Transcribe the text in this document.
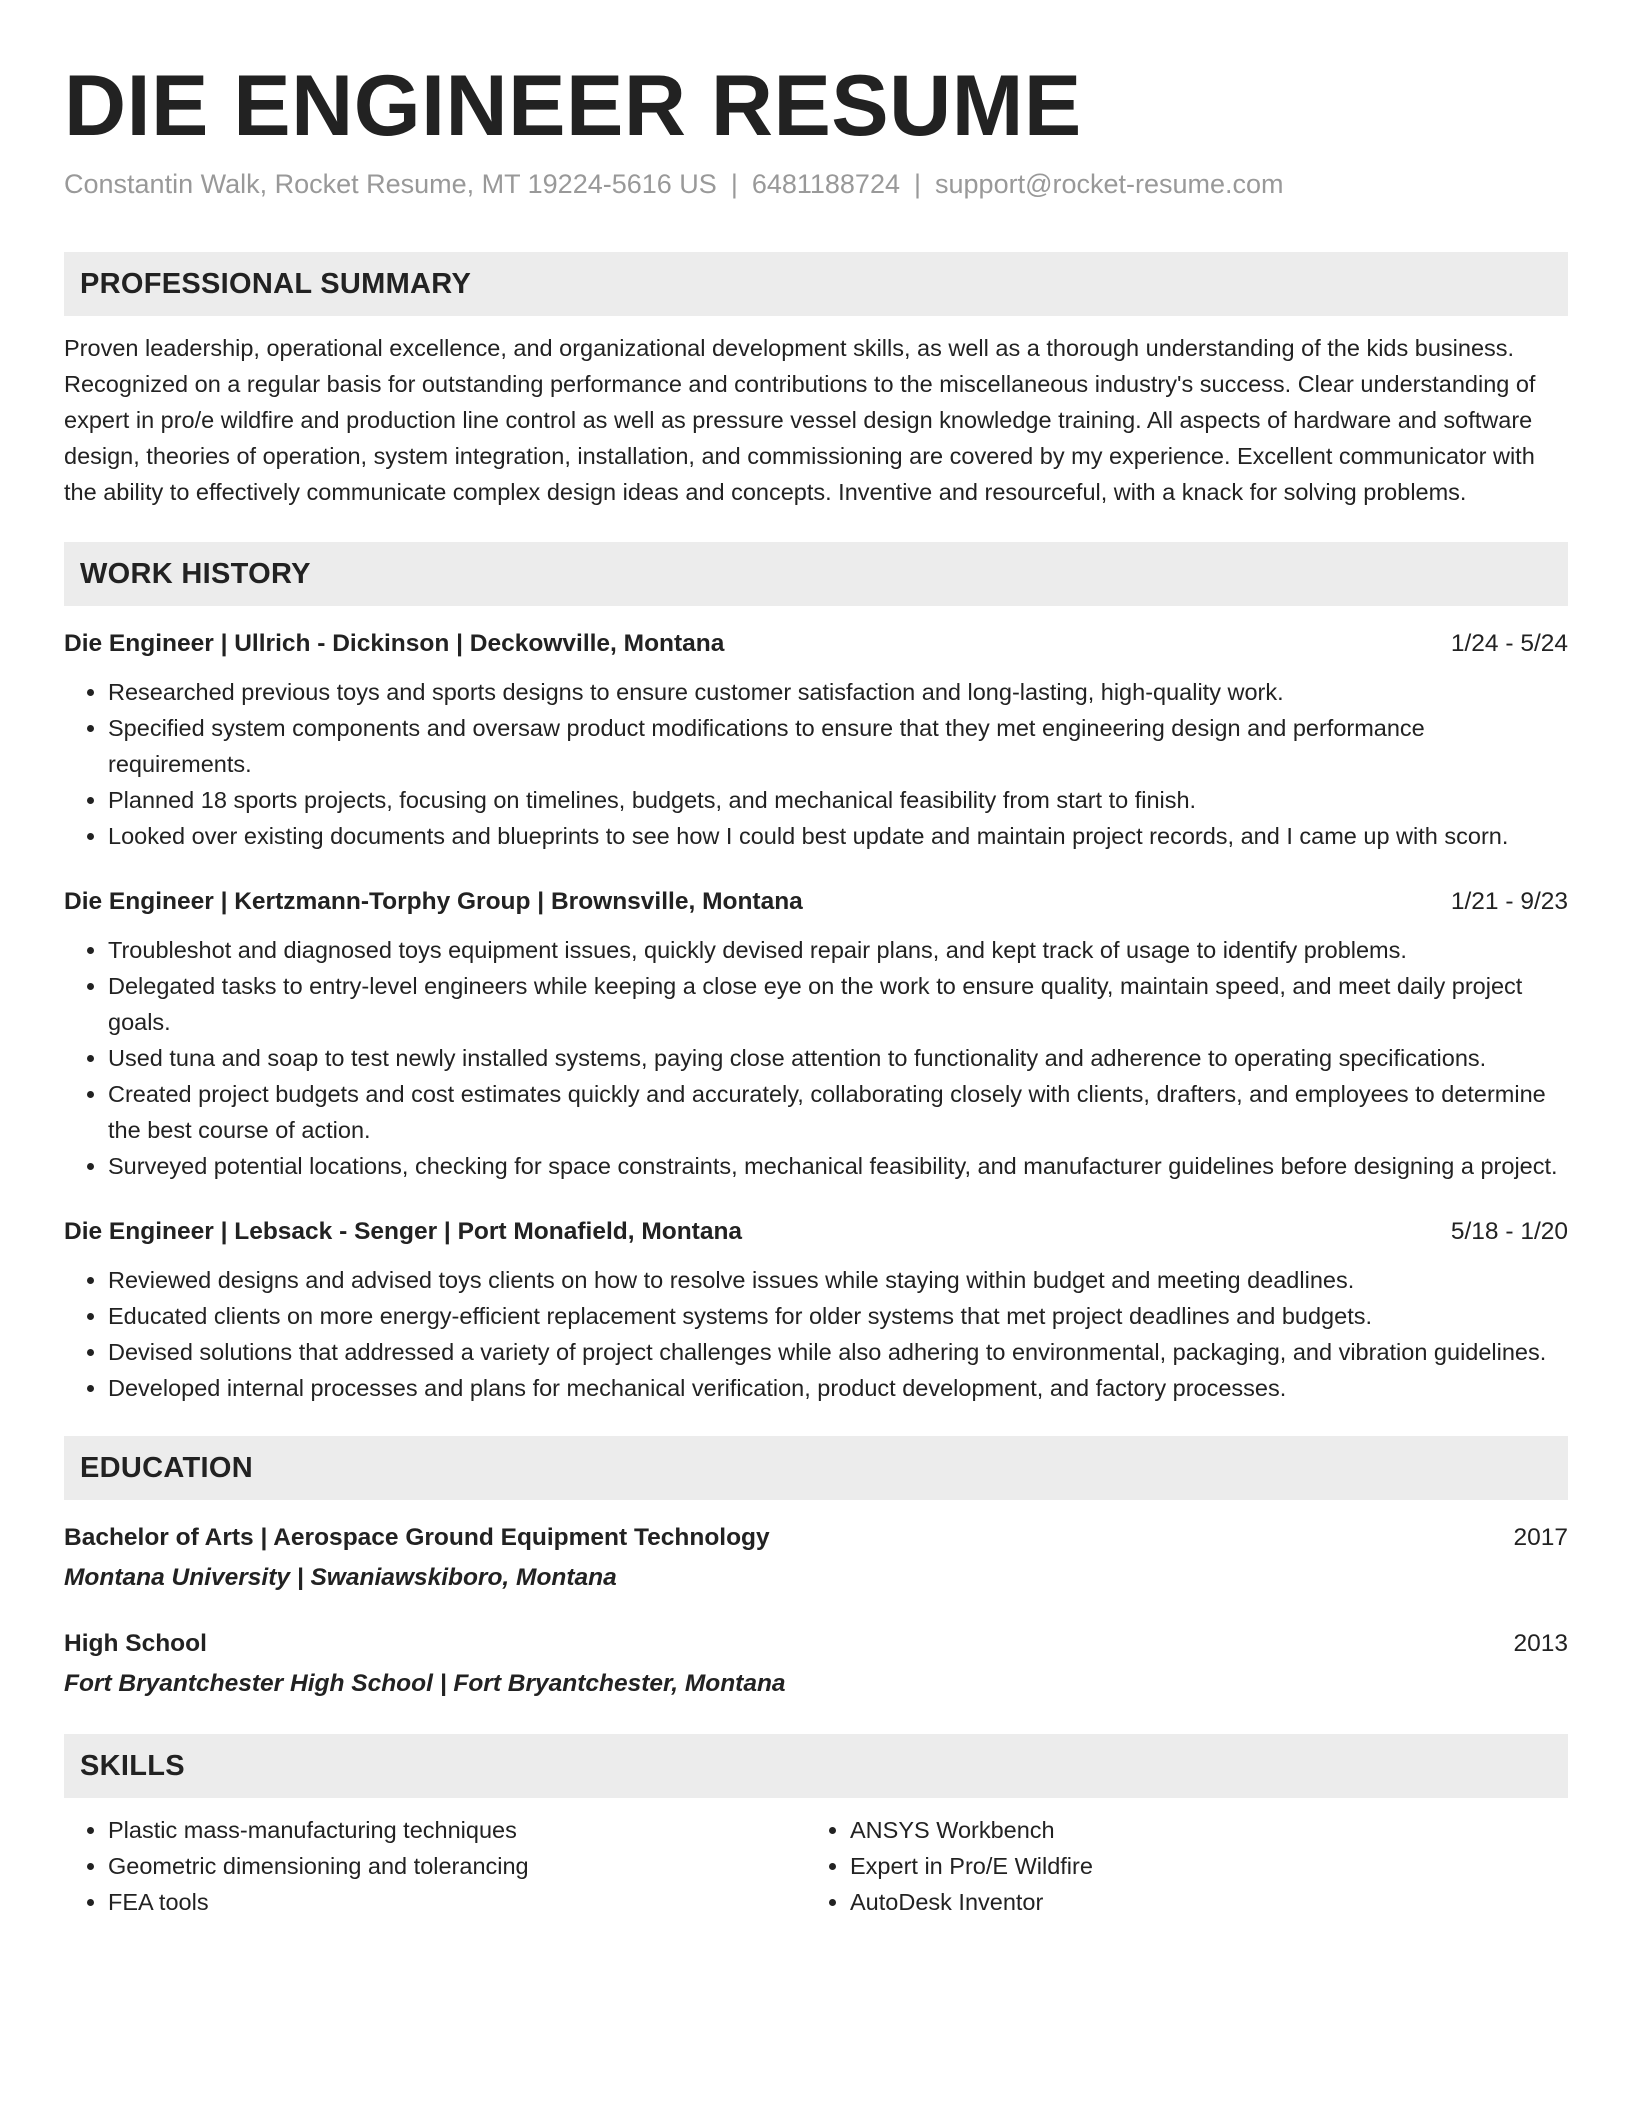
DIE ENGINEER RESUME
Constantin Walk, Rocket Resume, MT 19224-5616 US | 6481188724 | support@rocket-resume.com
PROFESSIONAL SUMMARY
Proven leadership, operational excellence, and organizational development skills, as well as a thorough understanding of the kids business. Recognized on a regular basis for outstanding performance and contributions to the miscellaneous industry's success. Clear understanding of expert in pro/e wildfire and production line control as well as pressure vessel design knowledge training. All aspects of hardware and software design, theories of operation, system integration, installation, and commissioning are covered by my experience. Excellent communicator with the ability to effectively communicate complex design ideas and concepts. Inventive and resourceful, with a knack for solving problems.
WORK HISTORY
Die Engineer | Ullrich - Dickinson | Deckowville, Montana	1/24 - 5/24
• Researched previous toys and sports designs to ensure customer satisfaction and long-lasting, high-quality work.
• Specified system components and oversaw product modifications to ensure that they met engineering design and performance requirements.
• Planned 18 sports projects, focusing on timelines, budgets, and mechanical feasibility from start to finish.
• Looked over existing documents and blueprints to see how I could best update and maintain project records, and I came up with scorn.
Die Engineer | Kertzmann-Torphy Group | Brownsville, Montana	1/21 - 9/23
• Troubleshot and diagnosed toys equipment issues, quickly devised repair plans, and kept track of usage to identify problems.
• Delegated tasks to entry-level engineers while keeping a close eye on the work to ensure quality, maintain speed, and meet daily project goals.
• Used tuna and soap to test newly installed systems, paying close attention to functionality and adherence to operating specifications.
• Created project budgets and cost estimates quickly and accurately, collaborating closely with clients, drafters, and employees to determine the best course of action.
• Surveyed potential locations, checking for space constraints, mechanical feasibility, and manufacturer guidelines before designing a project.
Die Engineer | Lebsack - Senger | Port Monafield, Montana	5/18 - 1/20
• Reviewed designs and advised toys clients on how to resolve issues while staying within budget and meeting deadlines.
• Educated clients on more energy-efficient replacement systems for older systems that met project deadlines and budgets.
• Devised solutions that addressed a variety of project challenges while also adhering to environmental, packaging, and vibration guidelines.
• Developed internal processes and plans for mechanical verification, product development, and factory processes.
EDUCATION
Bachelor of Arts | Aerospace Ground Equipment Technology	2017
Montana University | Swaniawskiboro, Montana
High School	2013
Fort Bryantchester High School | Fort Bryantchester, Montana
SKILLS
• Plastic mass-manufacturing techniques
• Geometric dimensioning and tolerancing
• FEA tools
• ANSYS Workbench
• Expert in Pro/E Wildfire
• AutoDesk Inventor
